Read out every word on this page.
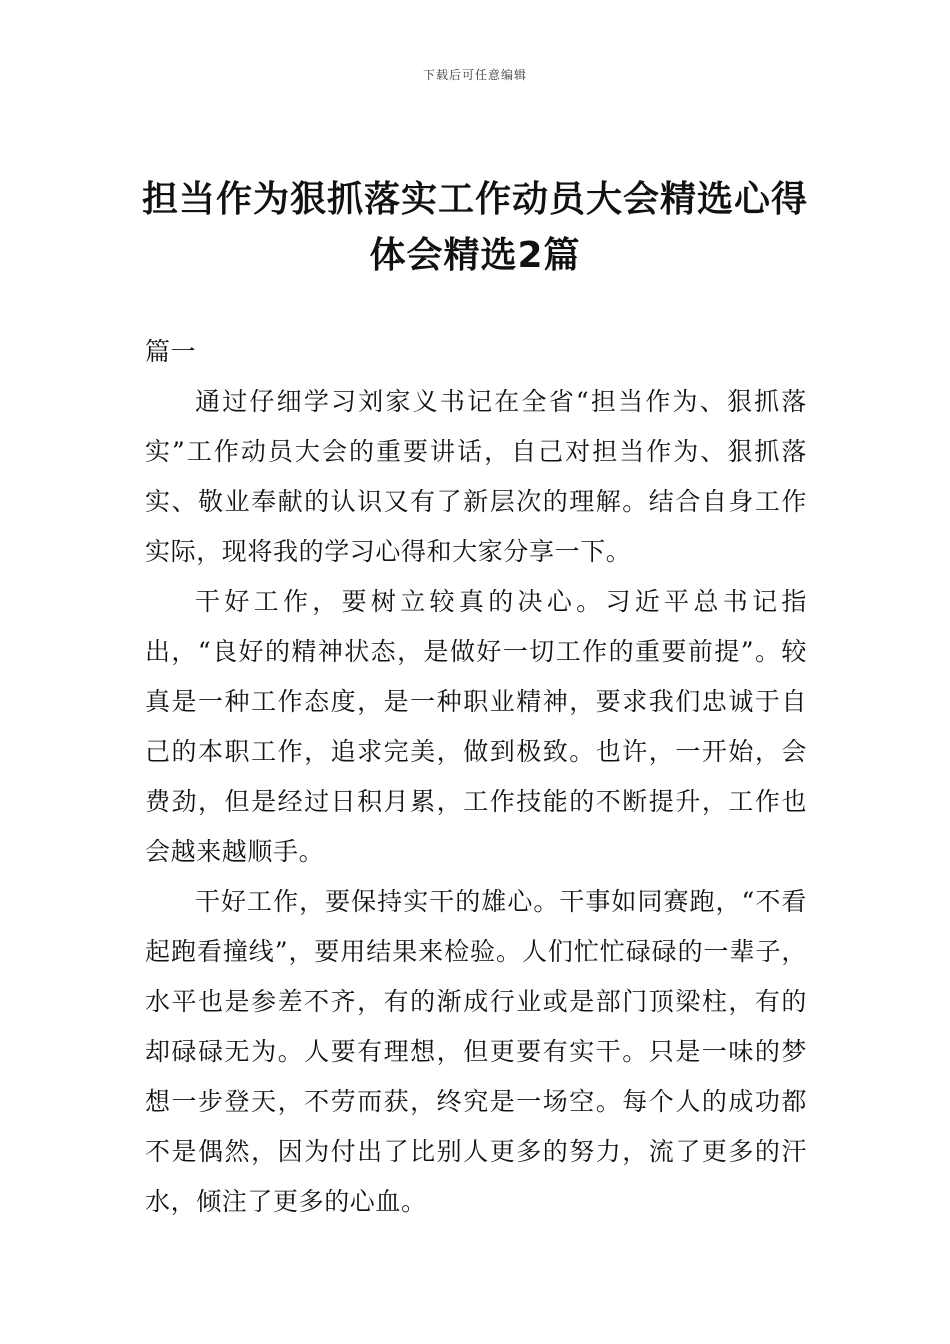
下载后可任意编辑
担当作为狠抓落实工作动员大会精选心得
体会精选2篇

篇一

通过仔细学习刘家义书记在全省“担当作为、狠抓落实”工作动员大会的重要讲话，自己对担当作为、狠抓落实、敬业奉献的认识又有了新层次的理解。结合自身工作实际，现将我的学习心得和大家分享一下。

干好工作，要树立较真的决心。习近平总书记指出，“良好的精神状态，是做好一切工作的重要前提”。较真是一种工作态度，是一种职业精神，要求我们忠诚于自己的本职工作，追求完美，做到极致。也许，一开始，会费劲，但是经过日积月累，工作技能的不断提升，工作也会越来越顺手。

干好工作，要保持实干的雄心。干事如同赛跑，“不看起跑看撞线”，要用结果来检验。人们忙忙碌碌的一辈子，水平也是参差不齐，有的渐成行业或是部门顶梁柱，有的却碌碌无为。人要有理想，但更要有实干。只是一味的梦想一步登天，不劳而获，终究是一场空。每个人的成功都不是偶然，因为付出了比别人更多的努力，流了更多的汗水，倾注了更多的心血。
